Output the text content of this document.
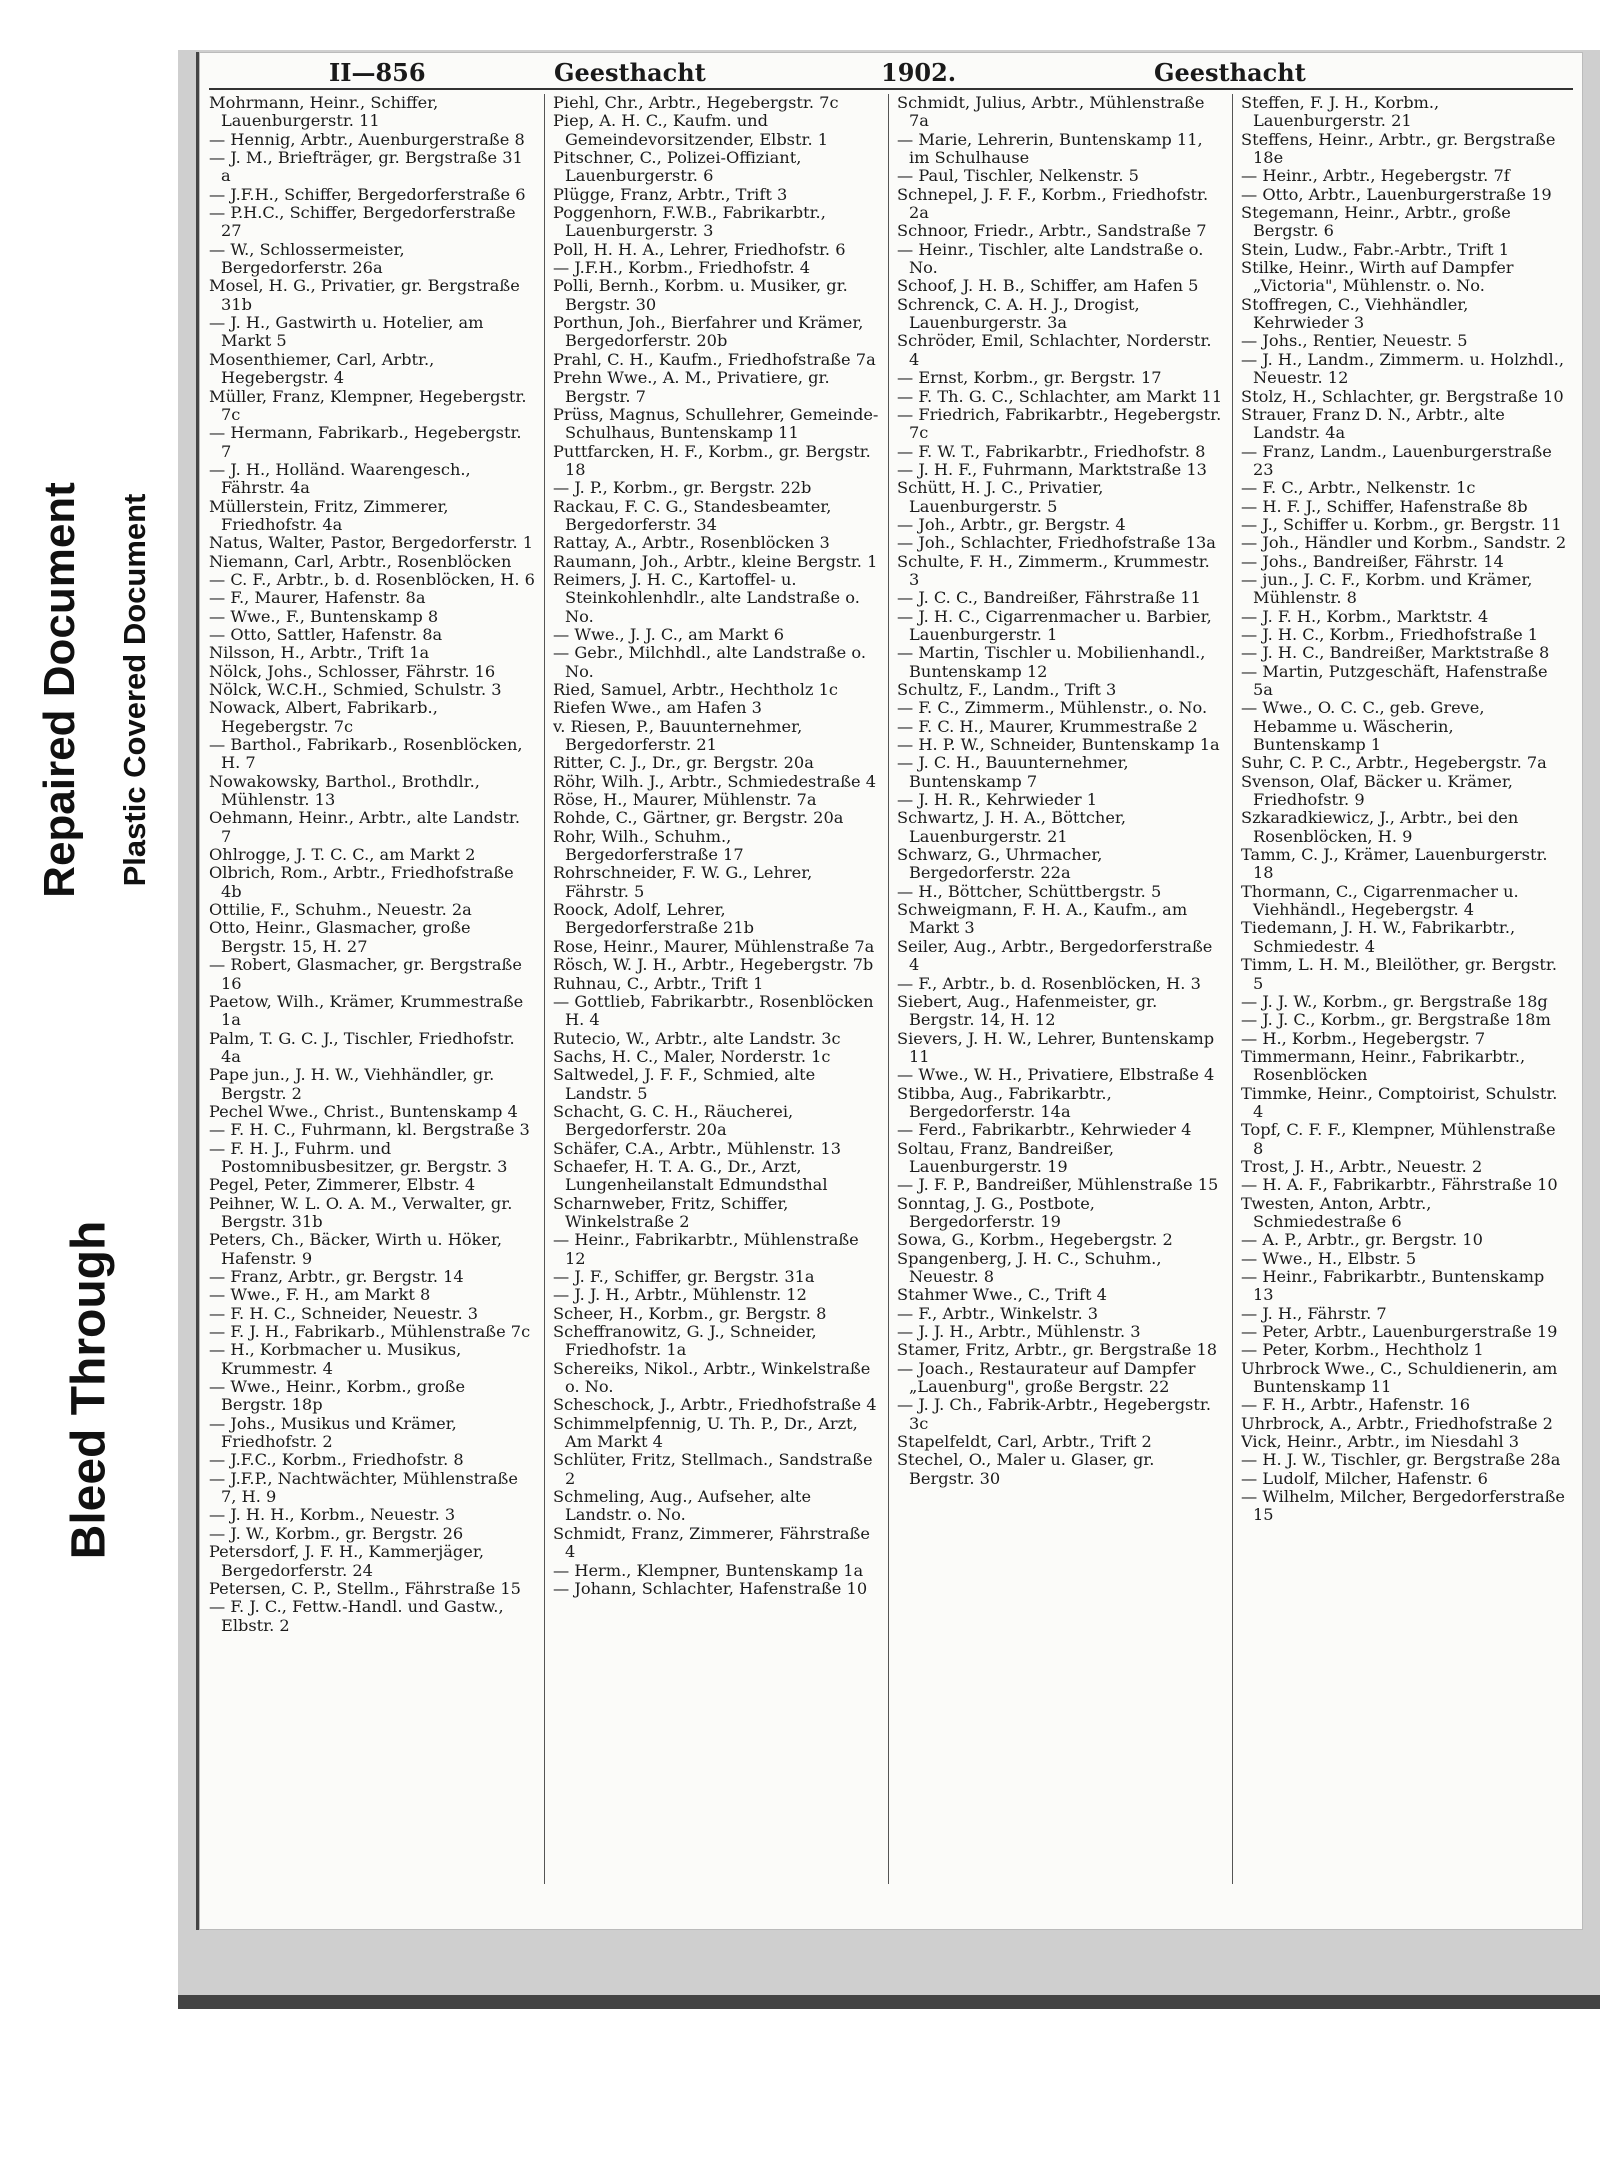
Bleed Through
Repaired Document Plastic Covered Document
II—856	Geesthacht	1902.	Geesthacht
Mohrmann, Heinr., Schiffer, Lauenburgerstr. 11
— Hennig, Arbtr., Auenburgerstraße 8
— J. M., Briefträger, gr. Bergstraße 31 a
— J.F.H., Schiffer, Bergedorferstraße 6
— P.H.C., Schiffer, Bergedorferstraße 27
— W., Schlossermeister, Bergedorferstr. 26a
Mosel, H. G., Privatier, gr. Bergstraße 31b
— J. H., Gastwirth u. Hotelier, am Markt 5
Mosenthiemer, Carl, Arbtr., Hegebergstr. 4
Müller, Franz, Klempner, Hegebergstr. 7c
— Hermann, Fabrikarb., Hegebergstr. 7
— J. H., Holländ. Waarengesch., Fährstr. 4a
Müllerstein, Fritz, Zimmerer, Friedhofstr. 4a
Natus, Walter, Pastor, Bergedorferstr. 1
Niemann, Carl, Arbtr., Rosenblöcken
— C. F., Arbtr., b. d. Rosenblöcken, H. 6
— F., Maurer, Hafenstr. 8a
— Wwe., F., Buntenskamp 8
— Otto, Sattler, Hafenstr. 8a
Nilsson, H., Arbtr., Trift 1a
Nölck, Johs., Schlosser, Fährstr. 16
Nölck, W.C.H., Schmied, Schulstr. 3
Nowack, Albert, Fabrikarb., Hegebergstr. 7c
— Barthol., Fabrikarb., Rosenblöcken, H. 7
Nowakowsky, Barthol., Brothdlr., Mühlenstr. 13
Oehmann, Heinr., Arbtr., alte Landstr. 7
Ohlrogge, J. T. C. C., am Markt 2
Olbrich, Rom., Arbtr., Friedhofstraße 4b
Ottilie, F., Schuhm., Neuestr. 2a
Otto, Heinr., Glasmacher, große Bergstr. 15, H. 27
— Robert, Glasmacher, gr. Bergstraße 16
Paetow, Wilh., Krämer, Krummestraße 1a
Palm, T. G. C. J., Tischler, Friedhofstr. 4a
Pape jun., J. H. W., Viehhändler, gr. Bergstr. 2
Pechel Wwe., Christ., Buntenskamp 4
— F. H. C., Fuhrmann, kl. Bergstraße 3
— F. H. J., Fuhrm. und Postomnibusbesitzer, gr. Bergstr. 3
Pegel, Peter, Zimmerer, Elbstr. 4
Peihner, W. L. O. A. M., Verwalter, gr. Bergstr. 31b
Peters, Ch., Bäcker, Wirth u. Höker, Hafenstr. 9
— Franz, Arbtr., gr. Bergstr. 14
— Wwe., F. H., am Markt 8
— F. H. C., Schneider, Neuestr. 3
— F. J. H., Fabrikarb., Mühlenstraße 7c
— H., Korbmacher u. Musikus, Krummestr. 4
— Wwe., Heinr., Korbm., große Bergstr. 18p
— Johs., Musikus und Krämer, Friedhofstr. 2
— J.F.C., Korbm., Friedhofstr. 8
— J.F.P., Nachtwächter, Mühlenstraße 7, H. 9
— J. H. H., Korbm., Neuestr. 3
— J. W., Korbm., gr. Bergstr. 26
Petersdorf, J. F. H., Kammerjäger, Bergedorferstr. 24
Petersen, C. P., Stellm., Fährstraße 15
— F. J. C., Fettw.-Handl. und Gastw., Elbstr. 2
Piehl, Chr., Arbtr., Hegebergstr. 7c
Piep, A. H. C., Kaufm. und Gemeindevorsitzender, Elbstr. 1
Pitschner, C., Polizei-Offiziant, Lauenburgerstr. 6
Plügge, Franz, Arbtr., Trift 3
Poggenhorn, F.W.B., Fabrikarbtr., Lauenburgerstr. 3
Poll, H. H. A., Lehrer, Friedhofstr. 6
— J.F.H., Korbm., Friedhofstr. 4
Polli, Bernh., Korbm. u. Musiker, gr. Bergstr. 30
Porthun, Joh., Bierfahrer und Krämer, Bergedorferstr. 20b
Prahl, C. H., Kaufm., Friedhofstraße 7a
Prehn Wwe., A. M., Privatiere, gr. Bergstr. 7
Prüss, Magnus, Schullehrer, Gemeinde-Schulhaus, Buntenskamp 11
Puttfarcken, H. F., Korbm., gr. Bergstr. 18
— J. P., Korbm., gr. Bergstr. 22b
Rackau, F. C. G., Standesbeamter, Bergedorferstr. 34
Rattay, A., Arbtr., Rosenblöcken 3
Raumann, Joh., Arbtr., kleine Bergstr. 1
Reimers, J. H. C., Kartoffel- u. Steinkohlenhdlr., alte Landstraße o. No.
— Wwe., J. J. C., am Markt 6
— Gebr., Milchhdl., alte Landstraße o. No.
Ried, Samuel, Arbtr., Hechtholz 1c
Riefen Wwe., am Hafen 3
v. Riesen, P., Bauunternehmer, Bergedorferstr. 21
Ritter, C. J., Dr., gr. Bergstr. 20a
Röhr, Wilh. J., Arbtr., Schmiedestraße 4
Röse, H., Maurer, Mühlenstr. 7a
Rohde, C., Gärtner, gr. Bergstr. 20a
Rohr, Wilh., Schuhm., Bergedorferstraße 17
Rohrschneider, F. W. G., Lehrer, Fährstr. 5
Roock, Adolf, Lehrer, Bergedorferstraße 21b
Rose, Heinr., Maurer, Mühlenstraße 7a
Rösch, W. J. H., Arbtr., Hegebergstr. 7b
Ruhnau, C., Arbtr., Trift 1
— Gottlieb, Fabrikarbtr., Rosenblöcken H. 4
Rutecio, W., Arbtr., alte Landstr. 3c
Sachs, H. C., Maler, Norderstr. 1c
Saltwedel, J. F. F., Schmied, alte Landstr. 5
Schacht, G. C. H., Räucherei, Bergedorferstr. 20a
Schäfer, C.A., Arbtr., Mühlenstr. 13
Schaefer, H. T. A. G., Dr., Arzt, Lungenheilanstalt Edmundsthal
Scharnweber, Fritz, Schiffer, Winkelstraße 2
— Heinr., Fabrikarbtr., Mühlenstraße 12
— J. F., Schiffer, gr. Bergstr. 31a
— J. J. H., Arbtr., Mühlenstr. 12
Scheer, H., Korbm., gr. Bergstr. 8
Scheffranowitz, G. J., Schneider, Friedhofstr. 1a
Schereiks, Nikol., Arbtr., Winkelstraße o. No.
Scheschock, J., Arbtr., Friedhofstraße 4
Schimmelpfennig, U. Th. P., Dr., Arzt, Am Markt 4
Schlüter, Fritz, Stellmach., Sandstraße 2
Schmeling, Aug., Aufseher, alte Landstr. o. No.
Schmidt, Franz, Zimmerer, Fährstraße 4
— Herm., Klempner, Buntenskamp 1a
— Johann, Schlachter, Hafenstraße 10
Schmidt, Julius, Arbtr., Mühlenstraße 7a
— Marie, Lehrerin, Buntenskamp 11, im Schulhause
— Paul, Tischler, Nelkenstr. 5
Schnepel, J. F. F., Korbm., Friedhofstr. 2a
Schnoor, Friedr., Arbtr., Sandstraße 7
— Heinr., Tischler, alte Landstraße o. No.
Schoof, J. H. B., Schiffer, am Hafen 5
Schrenck, C. A. H. J., Drogist, Lauenburgerstr. 3a
Schröder, Emil, Schlachter, Norderstr. 4
— Ernst, Korbm., gr. Bergstr. 17
— F. Th. G. C., Schlachter, am Markt 11
— Friedrich, Fabrikarbtr., Hegebergstr. 7c
— F. W. T., Fabrikarbtr., Friedhofstr. 8
— J. H. F., Fuhrmann, Marktstraße 13
Schütt, H. J. C., Privatier, Lauenburgerstr. 5
— Joh., Arbtr., gr. Bergstr. 4
— Joh., Schlachter, Friedhofstraße 13a
Schulte, F. H., Zimmerm., Krummestr. 3
— J. C. C., Bandreißer, Fährstraße 11
— J. H. C., Cigarrenmacher u. Barbier, Lauenburgerstr. 1
— Martin, Tischler u. Mobilienhandl., Buntenskamp 12
Schultz, F., Landm., Trift 3
— F. C., Zimmerm., Mühlenstr., o. No.
— F. C. H., Maurer, Krummestraße 2
— H. P. W., Schneider, Buntenskamp 1a
— J. C. H., Bauunternehmer, Buntenskamp 7
— J. H. R., Kehrwieder 1
Schwartz, J. H. A., Böttcher, Lauenburgerstr. 21
Schwarz, G., Uhrmacher, Bergedorferstr. 22a
— H., Böttcher, Schüttbergstr. 5
Schweigmann, F. H. A., Kaufm., am Markt 3
Seiler, Aug., Arbtr., Bergedorferstraße 4
— F., Arbtr., b. d. Rosenblöcken, H. 3
Siebert, Aug., Hafenmeister, gr. Bergstr. 14, H. 12
Sievers, J. H. W., Lehrer, Buntenskamp 11
— Wwe., W. H., Privatiere, Elbstraße 4
Stibba, Aug., Fabrikarbtr., Bergedorferstr. 14a
— Ferd., Fabrikarbtr., Kehrwieder 4
Soltau, Franz, Bandreißer, Lauenburgerstr. 19
— J. F. P., Bandreißer, Mühlenstraße 15
Sonntag, J. G., Postbote, Bergedorferstr. 19
Sowa, G., Korbm., Hegebergstr. 2
Spangenberg, J. H. C., Schuhm., Neuestr. 8
Stahmer Wwe., C., Trift 4
— F., Arbtr., Winkelstr. 3
— J. J. H., Arbtr., Mühlenstr. 3
Stamer, Fritz, Arbtr., gr. Bergstraße 18
— Joach., Restaurateur auf Dampfer „Lauenburg", große Bergstr. 22
— J. J. Ch., Fabrik-Arbtr., Hegebergstr. 3c
Stapelfeldt, Carl, Arbtr., Trift 2
Stechel, O., Maler u. Glaser, gr. Bergstr. 30
Steffen, F. J. H., Korbm., Lauenburgerstr. 21
Steffens, Heinr., Arbtr., gr. Bergstraße 18e
— Heinr., Arbtr., Hegebergstr. 7f
— Otto, Arbtr., Lauenburgerstraße 19
Stegemann, Heinr., Arbtr., große Bergstr. 6
Stein, Ludw., Fabr.-Arbtr., Trift 1
Stilke, Heinr., Wirth auf Dampfer „Victoria", Mühlenstr. o. No.
Stoffregen, C., Viehhändler, Kehrwieder 3
— Johs., Rentier, Neuestr. 5
— J. H., Landm., Zimmerm. u. Holzhdl., Neuestr. 12
Stolz, H., Schlachter, gr. Bergstraße 10
Strauer, Franz D. N., Arbtr., alte Landstr. 4a
— Franz, Landm., Lauenburgerstraße 23
— F. C., Arbtr., Nelkenstr. 1c
— H. F. J., Schiffer, Hafenstraße 8b
— J., Schiffer u. Korbm., gr. Bergstr. 11
— Joh., Händler und Korbm., Sandstr. 2
— Johs., Bandreißer, Fährstr. 14
— jun., J. C. F., Korbm. und Krämer, Mühlenstr. 8
— J. F. H., Korbm., Marktstr. 4
— J. H. C., Korbm., Friedhofstraße 1
— J. H. C., Bandreißer, Marktstraße 8
— Martin, Putzgeschäft, Hafenstraße 5a
— Wwe., O. C. C., geb. Greve, Hebamme u. Wäscherin, Buntenskamp 1
Suhr, C. P. C., Arbtr., Hegebergstr. 7a
Svenson, Olaf, Bäcker u. Krämer, Friedhofstr. 9
Szkaradkiewicz, J., Arbtr., bei den Rosenblöcken, H. 9
Tamm, C. J., Krämer, Lauenburgerstr. 18
Thormann, C., Cigarrenmacher u. Viehhändl., Hegebergstr. 4
Tiedemann, J. H. W., Fabrikarbtr., Schmiedestr. 4
Timm, L. H. M., Bleilöther, gr. Bergstr. 5
— J. J. W., Korbm., gr. Bergstraße 18g
— J. J. C., Korbm., gr. Bergstraße 18m
— H., Korbm., Hegebergstr. 7
Timmermann, Heinr., Fabrikarbtr., Rosenblöcken
Timmke, Heinr., Comptoirist, Schulstr. 4
Topf, C. F. F., Klempner, Mühlenstraße 8
Trost, J. H., Arbtr., Neuestr. 2
— H. A. F., Fabrikarbtr., Fährstraße 10
Twesten, Anton, Arbtr., Schmiedestraße 6
— A. P., Arbtr., gr. Bergstr. 10
— Wwe., H., Elbstr. 5
— Heinr., Fabrikarbtr., Buntenskamp 13
— J. H., Fährstr. 7
— Peter, Arbtr., Lauenburgerstraße 19
— Peter, Korbm., Hechtholz 1
Uhrbrock Wwe., C., Schuldienerin, am Buntenskamp 11
— F. H., Arbtr., Hafenstr. 16
Uhrbrock, A., Arbtr., Friedhofstraße 2
Vick, Heinr., Arbtr., im Niesdahl 3
— H. J. W., Tischler, gr. Bergstraße 28a
— Ludolf, Milcher, Hafenstr. 6
— Wilhelm, Milcher, Bergedorferstraße 15
